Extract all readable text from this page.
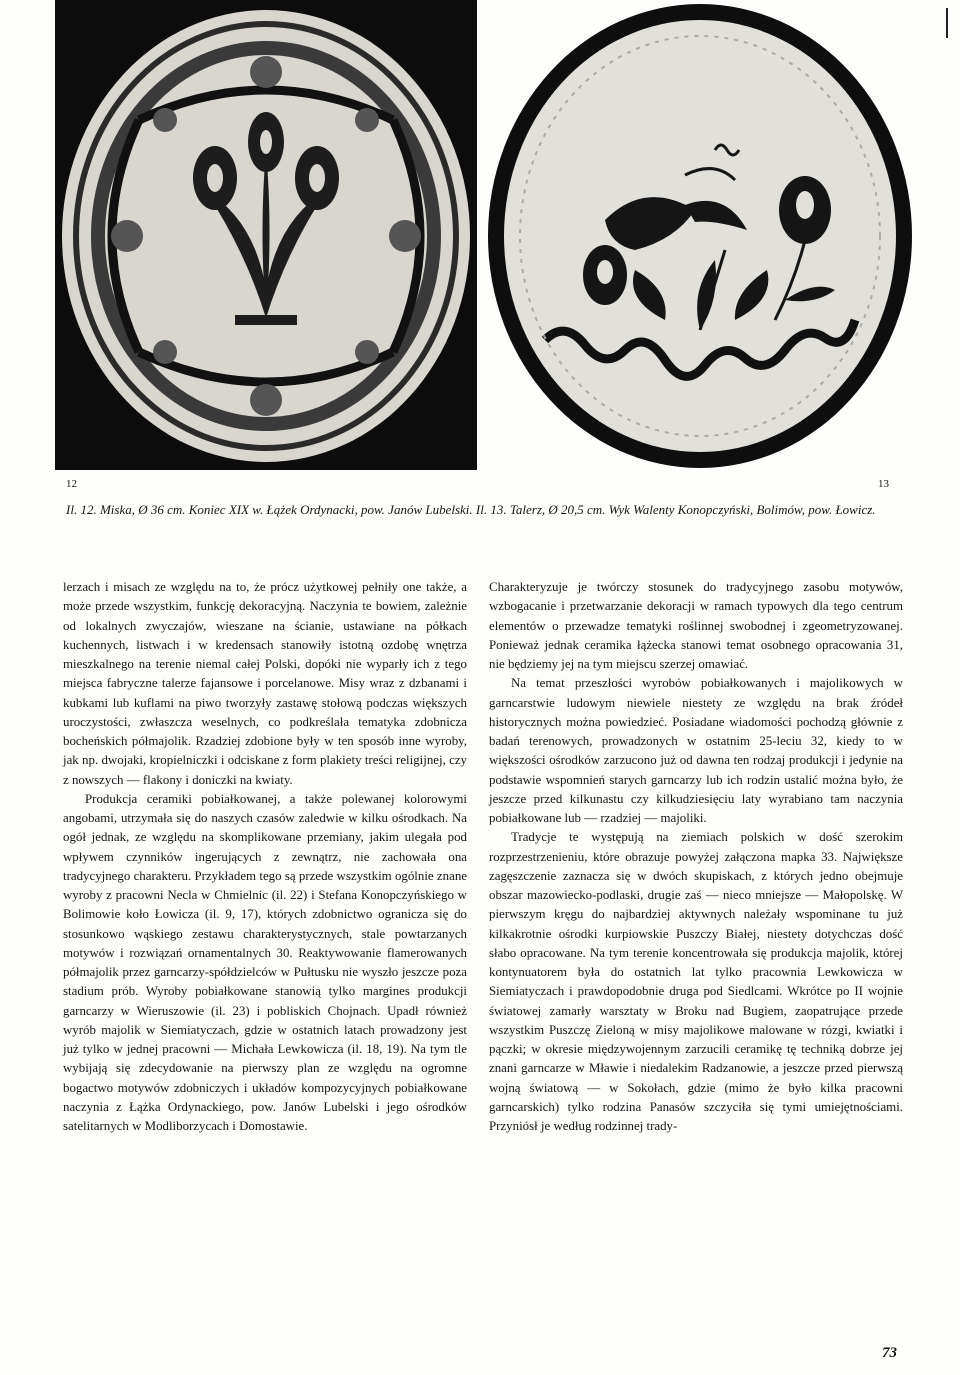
12	13
Il. 12. Miska, Ø 36 cm. Koniec XIX w. Łążek Ordynacki, pow. Janów Lubelski. Il. 13. Talerz, Ø 20,5 cm. Wyk Walenty Konopczyński, Bolimów, pow. Łowicz.

lerzach i misach ze względu na to, że prócz użytkowej pełniły one także, a może przede wszystkim, funkcję dekoracyjną. Naczynia te bowiem, zależnie od lokalnych zwyczajów, wieszane na ścianie, ustawiane na półkach kuchennych, listwach i w kredensach stanowiły istotną ozdobę wnętrza mieszkalnego na terenie niemal całej Polski, dopóki nie wyparły ich z tego miejsca fabryczne talerze fajansowe i porcelanowe. Misy wraz z dzbanami i kubkami lub kuflami na piwo tworzyły zastawę stołową podczas większych uroczystości, zwłaszcza weselnych, co podkreślała tematyka zdobnicza bocheńskich półmajolik. Rzadziej zdobione były w ten sposób inne wyroby, jak np. dwojaki, kropielniczki i odciskane z form plakiety treści religijnej, czy z nowszych — flakony i doniczki na kwiaty.

Produkcja ceramiki pobiałkowanej, a także polewanej kolorowymi angobami, utrzymała się do naszych czasów zaledwie w kilku ośrodkach. Na ogół jednak, ze względu na skomplikowane przemiany, jakim ulegała pod wpływem czynników ingerujących z zewnątrz, nie zachowała ona tradycyjnego charakteru. Przykładem tego są przede wszystkim ogólnie znane wyroby z pracowni Necla w Chmielnic (il. 22) i Stefana Konopczyńskiego w Bolimowie koło Łowicza (il. 9, 17), których zdobnictwo ogranicza się do stosunkowo wąskiego zestawu charakterystycznych, stale powtarzanych motywów i rozwiązań ornamentalnych 30. Reaktywowanie flamerowanych półmajolik przez garncarzy-spółdzielców w Pułtusku nie wyszło jeszcze poza stadium prób. Wyroby pobiałkowane stanowią tylko margines produkcji garncarzy w Wieruszowie (il. 23) i pobliskich Chojnach. Upadł również wyrób majolik w Siemiatyczach, gdzie w ostatnich latach prowadzony jest już tylko w jednej pracowni — Michała Lewkowicza (il. 18, 19). Na tym tle wybijają się zdecydowanie na pierwszy plan ze względu na ogromne bogactwo motywów zdobniczych i układów kompozycyjnych pobiałkowane naczynia z Łążka Ordynackiego, pow. Janów Lubelski i jego ośrodków satelitarnych w Modliborzycach i Domostawie.

Charakteryzuje je twórczy stosunek do tradycyjnego zasobu motywów, wzbogacanie i przetwarzanie dekoracji w ramach typowych dla tego centrum elementów o przewadze tematyki roślinnej swobodnej i zgeometryzowanej. Ponieważ jednak ceramika łążecka stanowi temat osobnego opracowania 31, nie będziemy jej na tym miejscu szerzej omawiać.

Na temat przeszłości wyrobów pobiałkowanych i majolikowych w garncarstwie ludowym niewiele niestety ze względu na brak źródeł historycznych można powiedzieć. Posiadane wiadomości pochodzą głównie z badań terenowych, prowadzonych w ostatnim 25-leciu 32, kiedy to w większości ośrodków zarzucono już od dawna ten rodzaj produkcji i jedynie na podstawie wspomnień starych garncarzy lub ich rodzin ustalić można było, że jeszcze przed kilkunastu czy kilkudziesięciu laty wyrabiano tam naczynia pobiałkowane lub — rzadziej — majoliki.

Tradycje te występują na ziemiach polskich w dość szerokim rozprzestrzenieniu, które obrazuje powyżej załączona mapka 33. Największe zagęszczenie zaznacza się w dwóch skupiskach, z których jedno obejmuje obszar mazowiecko-podlaski, drugie zaś — nieco mniejsze — Małopolskę. W pierwszym kręgu do najbardziej aktywnych należały wspominane tu już kilkakrotnie ośrodki kurpiowskie Puszczy Białej, niestety dotychczas dość słabo opracowane. Na tym terenie koncentrowała się produkcja majolik, której kontynuatorem była do ostatnich lat tylko pracownia Lewkowicza w Siemiatyczach i prawdopodobnie druga pod Siedlcami. Wkrótce po II wojnie światowej zamarły warsztaty w Broku nad Bugiem, zaopatrujące przede wszystkim Puszczę Zieloną w misy majolikowe malowane w rózgi, kwiatki i pączki; w okresie międzywojennym zarzucili ceramikę tę techniką dobrze jej znani garncarze w Mławie i niedalekim Radzanowie, a jeszcze przed pierwszą wojną światową — w Sokołach, gdzie (mimo że było kilka pracowni garncarskich) tylko rodzina Panasów szczyciła się tymi umiejętnościami. Przyniósł je według rodzinnej trady-

73
